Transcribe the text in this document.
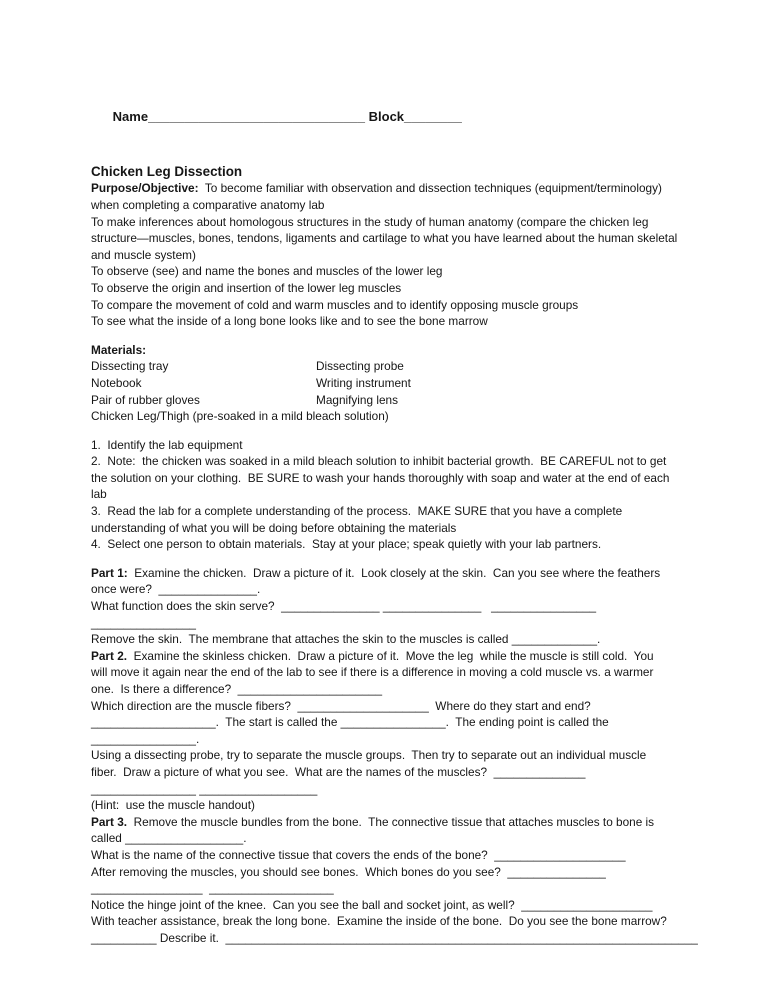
Name______________________________ Block________

Chicken Leg Dissection
Purpose/Objective:  To become familiar with observation and dissection techniques (equipment/terminology)
when completing a comparative anatomy lab
To make inferences about homologous structures in the study of human anatomy (compare the chicken leg
structure—muscles, bones, tendons, ligaments and cartilage to what you have learned about the human skeletal
and muscle system)
To observe (see) and name the bones and muscles of the lower leg
To observe the origin and insertion of the lower leg muscles
To compare the movement of cold and warm muscles and to identify opposing muscle groups
To see what the inside of a long bone looks like and to see the bone marrow
Materials:
Dissecting tray	Dissecting probe
Notebook	Writing instrument
Pair of rubber gloves	Magnifying lens
Chicken Leg/Thigh (pre-soaked in a mild bleach solution)
1.  Identify the lab equipment
2.  Note:  the chicken was soaked in a mild bleach solution to inhibit bacterial growth.  BE CAREFUL not to get
the solution on your clothing.  BE SURE to wash your hands thoroughly with soap and water at the end of each
lab
3.  Read the lab for a complete understanding of the process.  MAKE SURE that you have a complete
understanding of what you will be doing before obtaining the materials
4.  Select one person to obtain materials.  Stay at your place; speak quietly with your lab partners.
Part 1:  Examine the chicken.  Draw a picture of it.  Look closely at the skin.  Can you see where the feathers
once were?  _______________.
What function does the skin serve?  _______________ _______________   ________________
________________
Remove the skin.  The membrane that attaches the skin to the muscles is called _____________.
Part 2.  Examine the skinless chicken.  Draw a picture of it.  Move the leg  while the muscle is still cold.  You
will move it again near the end of the lab to see if there is a difference in moving a cold muscle vs. a warmer
one.  Is there a difference?  ______________________
Which direction are the muscle fibers?  ____________________  Where do they start and end?
___________________.  The start is called the ________________.  The ending point is called the
________________.
Using a dissecting probe, try to separate the muscle groups.  Then try to separate out an individual muscle
fiber.  Draw a picture of what you see.  What are the names of the muscles?  ______________
________________ __________________
(Hint:  use the muscle handout)
Part 3.  Remove the muscle bundles from the bone.  The connective tissue that attaches muscles to bone is
called __________________.
What is the name of the connective tissue that covers the ends of the bone?  ____________________
After removing the muscles, you should see bones.  Which bones do you see?  _______________
_________________  ___________________
Notice the hinge joint of the knee.  Can you see the ball and socket joint, as well?  ____________________
With teacher assistance, break the long bone.  Examine the inside of the bone.  Do you see the bone marrow?
__________ Describe it.  ________________________________________________________________________
